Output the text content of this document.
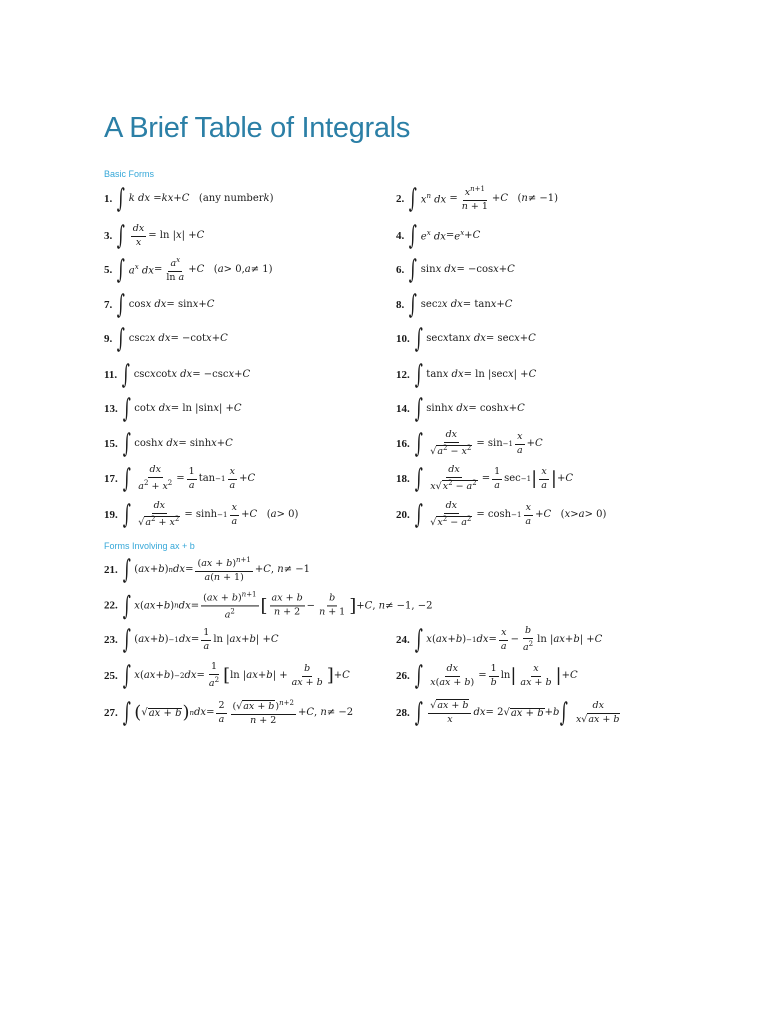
A Brief Table of Integrals
Basic Forms
Forms Involving ax + b
1. ∫ k dx = kx + C (any number k )	2. ∫ $x^n$ dx = $\frac{x^{n+1}}{n + 1} + C$ ( n ≠ −1)
3. ∫ $\frac{dx}{x} = \ln$ | x | + C	4. ∫ $e^x$ dx = $e^x + C$
5. ∫ $a^x$ dx = $\frac{a^x}{\text{ln a}} + C$ ( a > 0, a ≠ 1)	6. ∫ sin x dx = −cos x + C
7. ∫ cos x dx = sin x + C	8. ∫ sec 2 x dx = tan x + C
9. ∫ csc 2 x dx = −cot x + C	10. ∫ sec x tan x dx = sec x + C
11. ∫ csc x cot x dx = −csc x + C	12. ∫ tan x dx = ln |sec x | + C
13. ∫ cot x dx = ln |sin x | + C	14. ∫ sinh x dx = cosh x + C
15. ∫ cosh x dx = sinh x + C	16. ∫ $\frac{dx}{√a^2 - x^2} = \sin -1 \frac{x}{a} + C$
17. ∫ $\frac{dx}{a^2 + x^2} = \frac{1}{a}$ $\tan -1 \frac{x}{a} + C$	18. ∫ $\frac{dx}{x√x^2 - a^2} = \frac{1}{a}$ sec −1 | $\frac{x}{a}$ | + C
19. ∫ $\frac{dx}{√a^2 + x^2} = \sinh -1 \frac{x}{a} + C$ ( a > 0)	20. ∫ $\frac{dx}{√x^2 - a^2} = \cosh -1 \frac{x}{a} + C$ ( x > a > 0)
21. ∫ ( ax + b ) n dx = $\frac{(ax + b)^{n+1}}{a(n + 1)} + C$ , n ≠ −1
22. ∫ x ( ax + b ) n dx = $\frac{(ax + b)^{n+1}}{a^2}$ [ $\frac{ax + b}{n + 2} - \frac{b}{n + 1}$ ] + C , n ≠ −1, −2
23. ∫ ( ax + b ) −1 dx = $\frac{1}{a}$ ln | ax + b | + C	24. ∫ x ( ax + b ) −1 dx = $\frac{x}{a} - \frac{b}{a^2}$ ln | ax + b | + C
25. ∫ x ( ax + b ) −2 dx = $\frac{1}{a^2}$ [ ln | ax + b | + $\frac{b}{ax + b}$ ] + C	26. ∫ $\frac{dx}{x(ax + b)} = \frac{1}{b}$ ln | $\frac{x}{ax + b}$ | + C
27. ∫ ( √ ax + b ) n dx = $\frac{2}{a} \frac{(√ax + b)^{n+2}}{n + 2} + C$ , n ≠ −2	28. ∫ $\frac{√ax + b}{x}$ dx = 2√ ax + b + b ∫ $\frac{dx}{x√ax + b}$
